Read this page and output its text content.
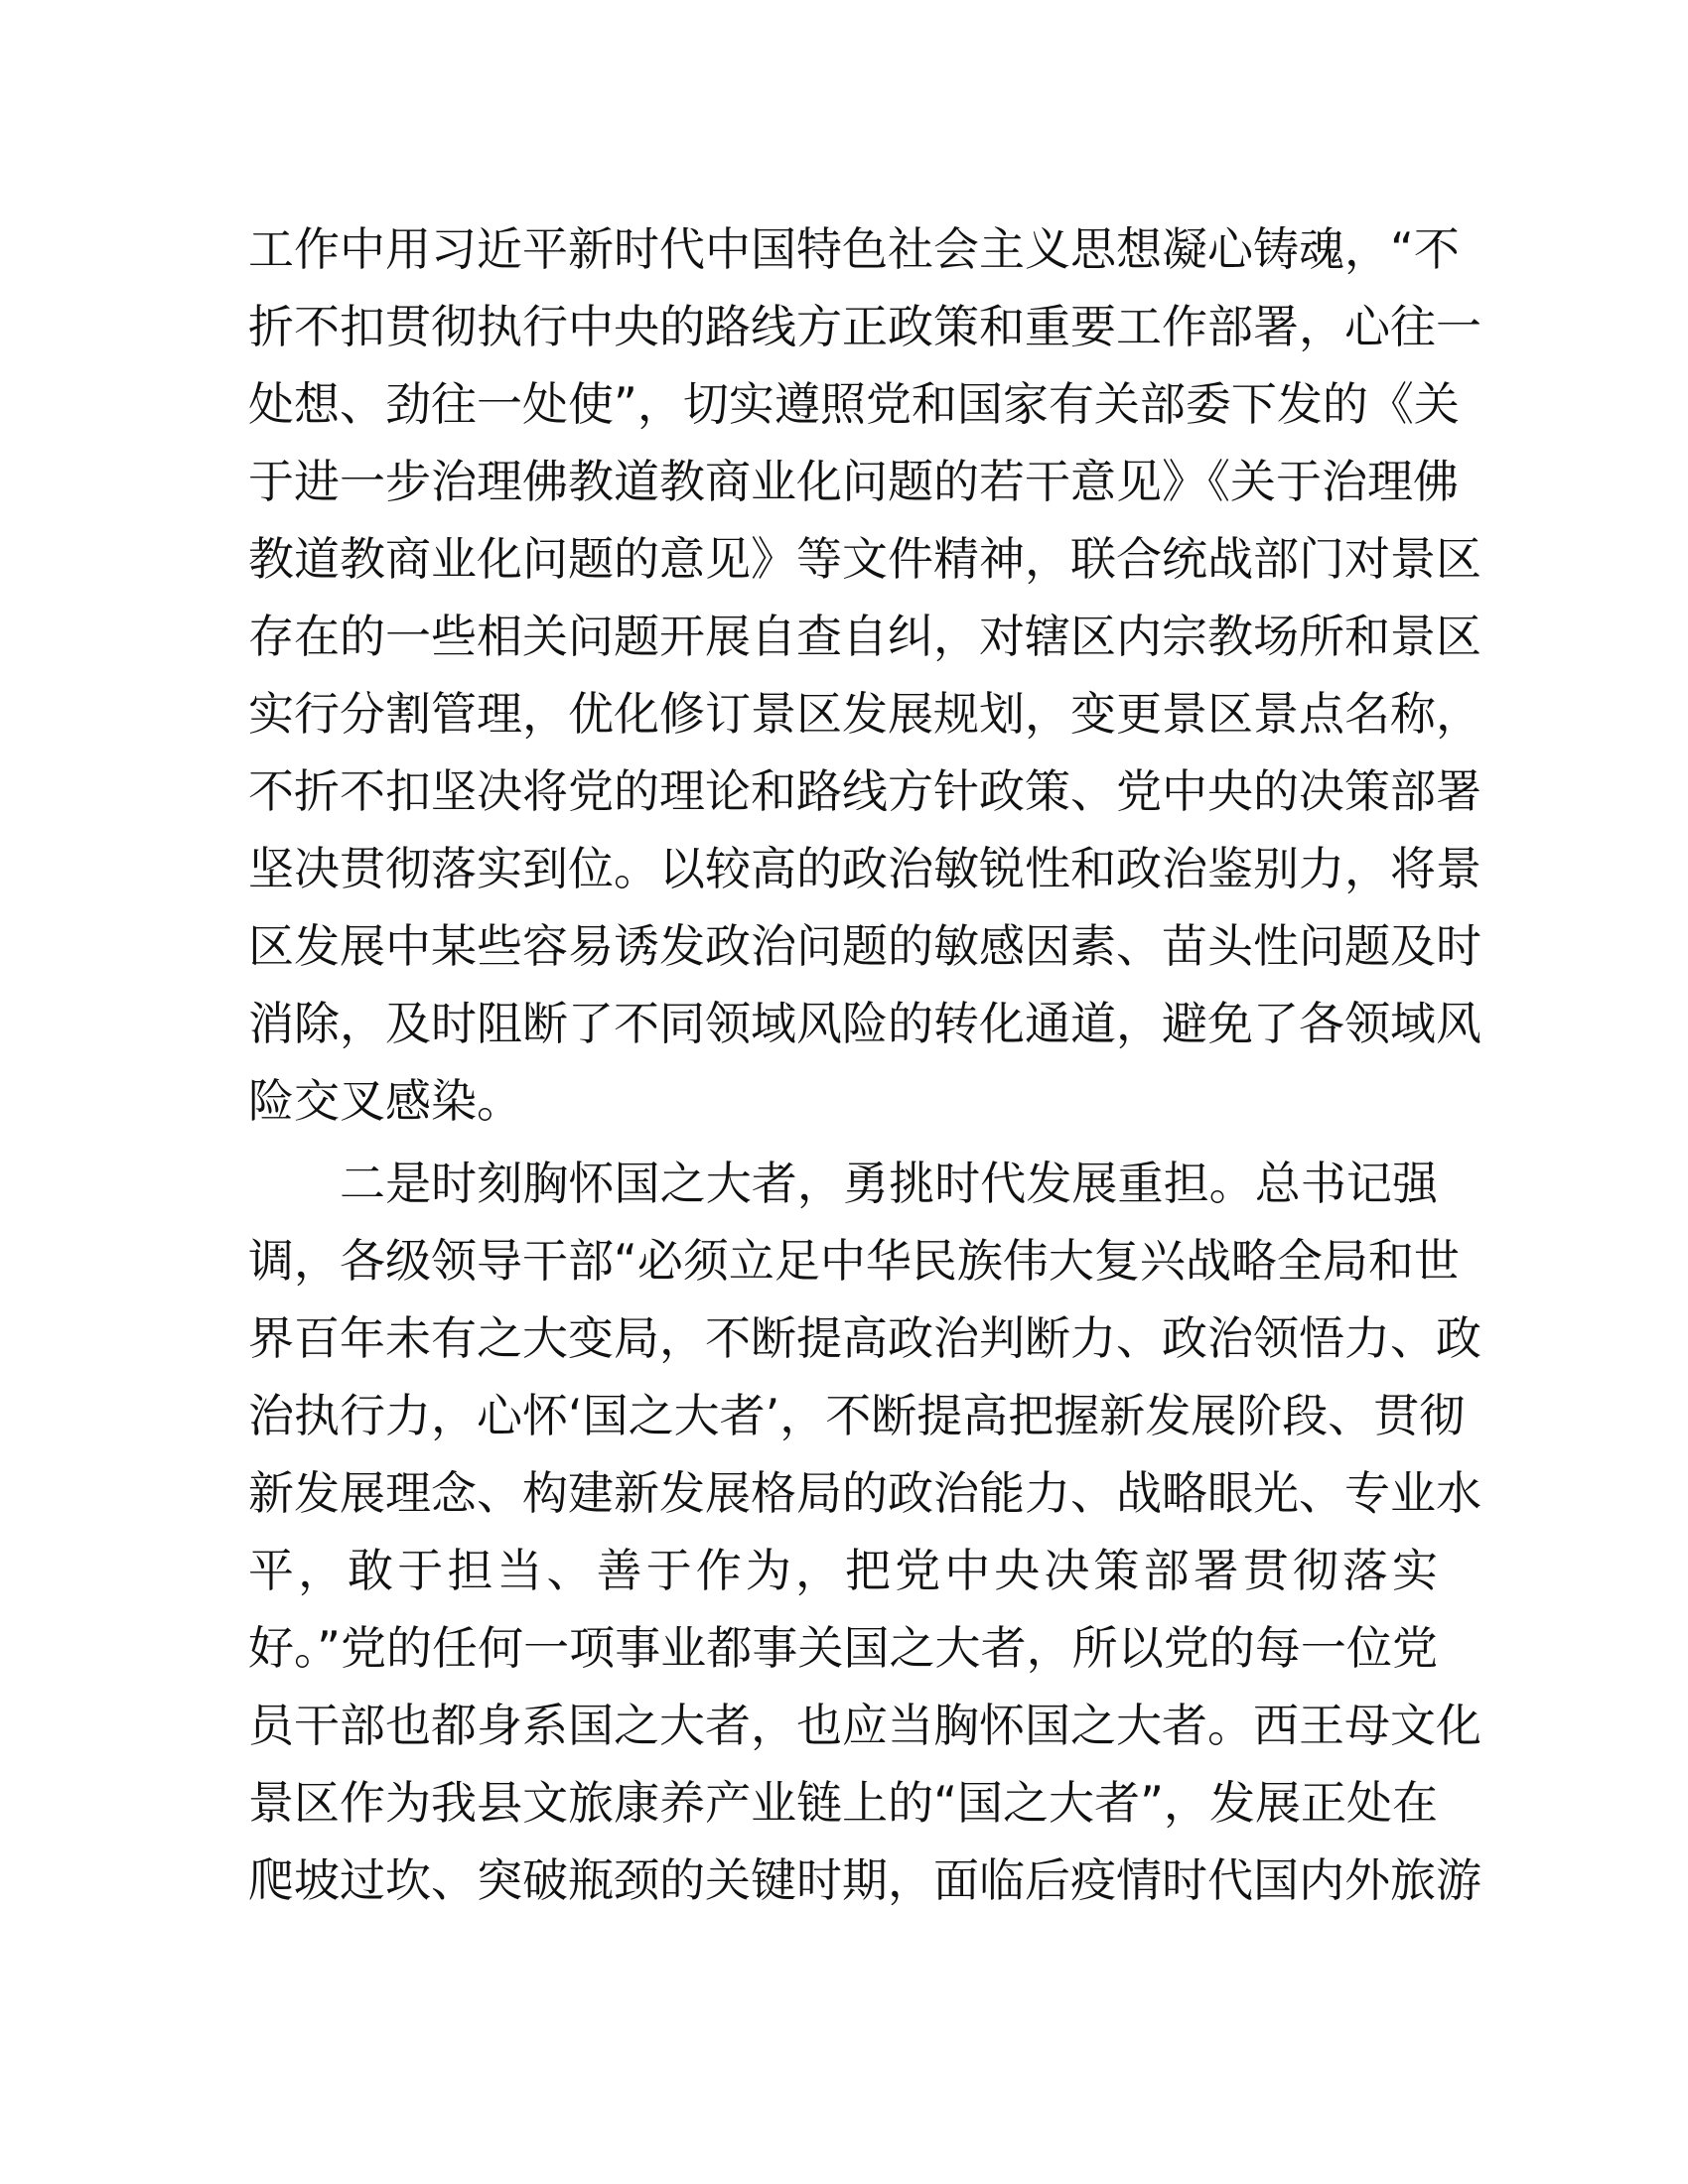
工作中用习近平新时代中国特色社会主义思想凝心铸魂，“不
折不扣贯彻执行中央的路线方正政策和重要工作部署，心往一
处想、劲往一处使”，切实遵照党和国家有关部委下发的《关
于进一步治理佛教道教商业化问题的若干意见》《关于治理佛
教道教商业化问题的意见》等文件精神，联合统战部门对景区
存在的一些相关问题开展自查自纠，对辖区内宗教场所和景区
实行分割管理，优化修订景区发展规划，变更景区景点名称，
不折不扣坚决将党的理论和路线方针政策、党中央的决策部署
坚决贯彻落实到位。以较高的政治敏锐性和政治鉴别力，将景
区发展中某些容易诱发政治问题的敏感因素、苗头性问题及时
消除，及时阻断了不同领域风险的转化通道，避免了各领域风
险交叉感染。
二是时刻胸怀国之大者，勇挑时代发展重担。总书记强
调，各级领导干部“必须立足中华民族伟大复兴战略全局和世
界百年未有之大变局，不断提高政治判断力、政治领悟力、政
治执行力，心怀‘国之大者’，不断提高把握新发展阶段、贯彻
新发展理念、构建新发展格局的政治能力、战略眼光、专业水
平，敢于担当、善于作为，把党中央决策部署贯彻落实
好。”党的任何一项事业都事关国之大者，所以党的每一位党
员干部也都身系国之大者，也应当胸怀国之大者。西王母文化
景区作为我县文旅康养产业链上的“国之大者”，发展正处在
爬坡过坎、突破瓶颈的关键时期，面临后疫情时代国内外旅游
